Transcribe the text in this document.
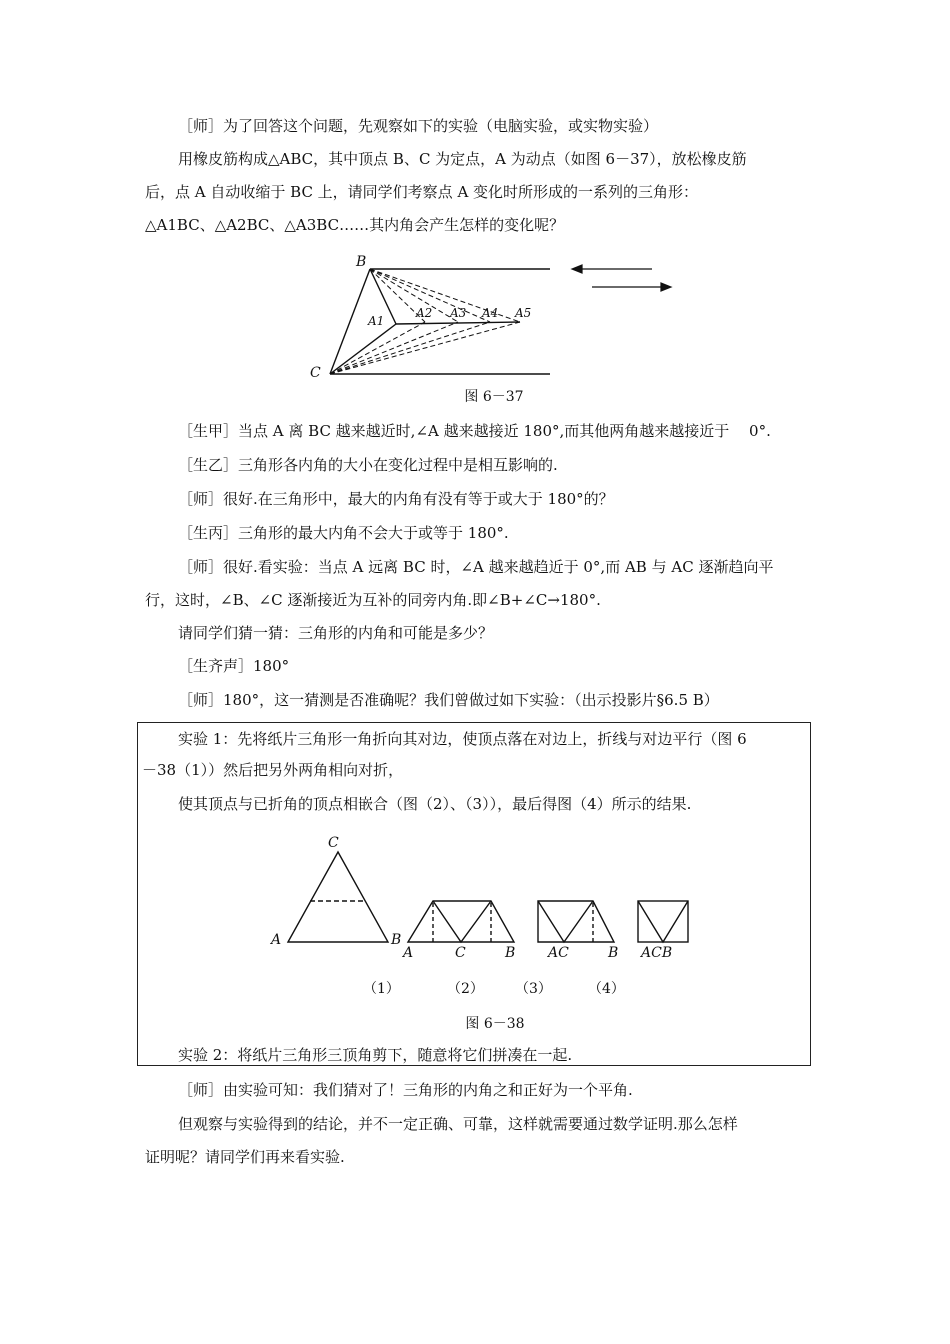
［师］为了回答这个问题，先观察如下的实验（电脑实验，或实物实验）

用橡皮筋构成△ABC，其中顶点 B、C 为定点，A 为动点（如图 6－37），放松橡皮筋

后，点 A 自动收缩于 BC 上，请同学们考察点 A 变化时所形成的一系列的三角形：

△A1BC、△A2BC、△A3BC……其内角会产生怎样的变化呢？

B
C
A1
A2 A3 A4 A5
图 6－37

［生甲］当点 A 离 BC 越来越近时,∠A 越来越接近 180°,而其他两角越来越接近于　 0°.

［生乙］三角形各内角的大小在变化过程中是相互影响的.

［师］很好.在三角形中，最大的内角有没有等于或大于 180°的？

［生丙］三角形的最大内角不会大于或等于 180°.

［师］很好.看实验：当点 A 远离 BC 时，∠A 越来越趋近于 0°,而 AB 与 AC 逐渐趋向平

行，这时，∠B、∠C 逐渐接近为互补的同旁内角.即∠B+∠C→180°.

请同学们猜一猜：三角形的内角和可能是多少？

［生齐声］180°

［师］180°，这一猜测是否准确呢？我们曾做过如下实验：（出示投影片§6.5 B）

实验 1：先将纸片三角形一角折向其对边，使顶点落在对边上，折线与对边平行（图 6

－38（1））然后把另外两角相向对折，

使其顶点与已折角的顶点相嵌合（图（2）、（3）），最后得图（4）所示的结果.

C
A	B
A	C	B AC	B ACB
（1）	（2） （3）	（4）
图 6－38

实验 2：将纸片三角形三顶角剪下，随意将它们拼凑在一起.

［师］由实验可知：我们猜对了！三角形的内角之和正好为一个平角.

但观察与实验得到的结论，并不一定正确、可靠，这样就需要通过数学证明.那么怎样

证明呢？请同学们再来看实验.
